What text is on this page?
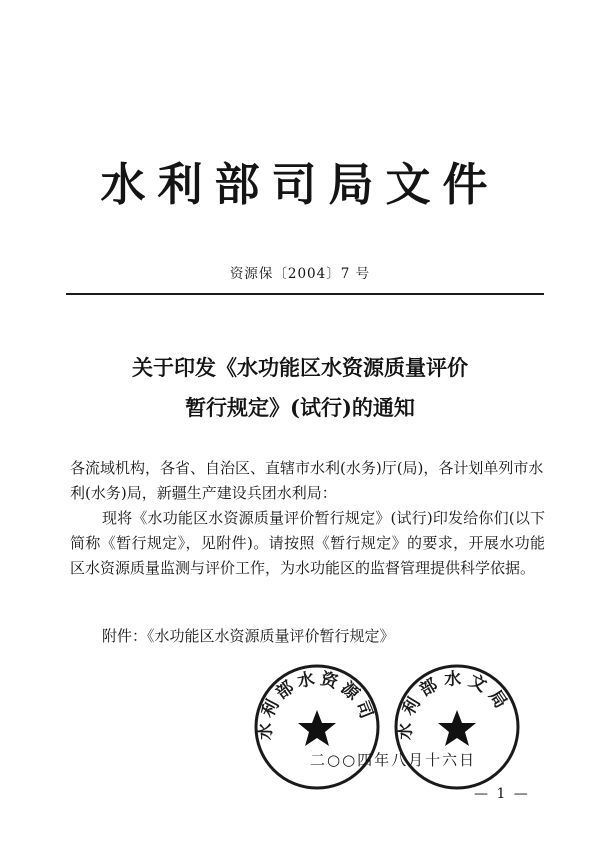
水利部司局文件
资源保〔2004〕7 号
关于印发《水功能区水资源质量评价
暂行规定》(试行)的通知
各流域机构，各省、自治区、直辖市水利(水务)厅(局)，各计划单列市水利(水务)局，新疆生产建设兵团水利局：
现将《水功能区水资源质量评价暂行规定》(试行)印发给你们(以下简称《暂行规定》，见附件)。请按照《暂行规定》的要求，开展水功能区水资源质量监测与评价工作，为水功能区的监督管理提供科学依据。
附件：《水功能区水资源质量评价暂行规定》
水利部水资源司
水利部水文局
二○○四年八月十六日
— 1 —
